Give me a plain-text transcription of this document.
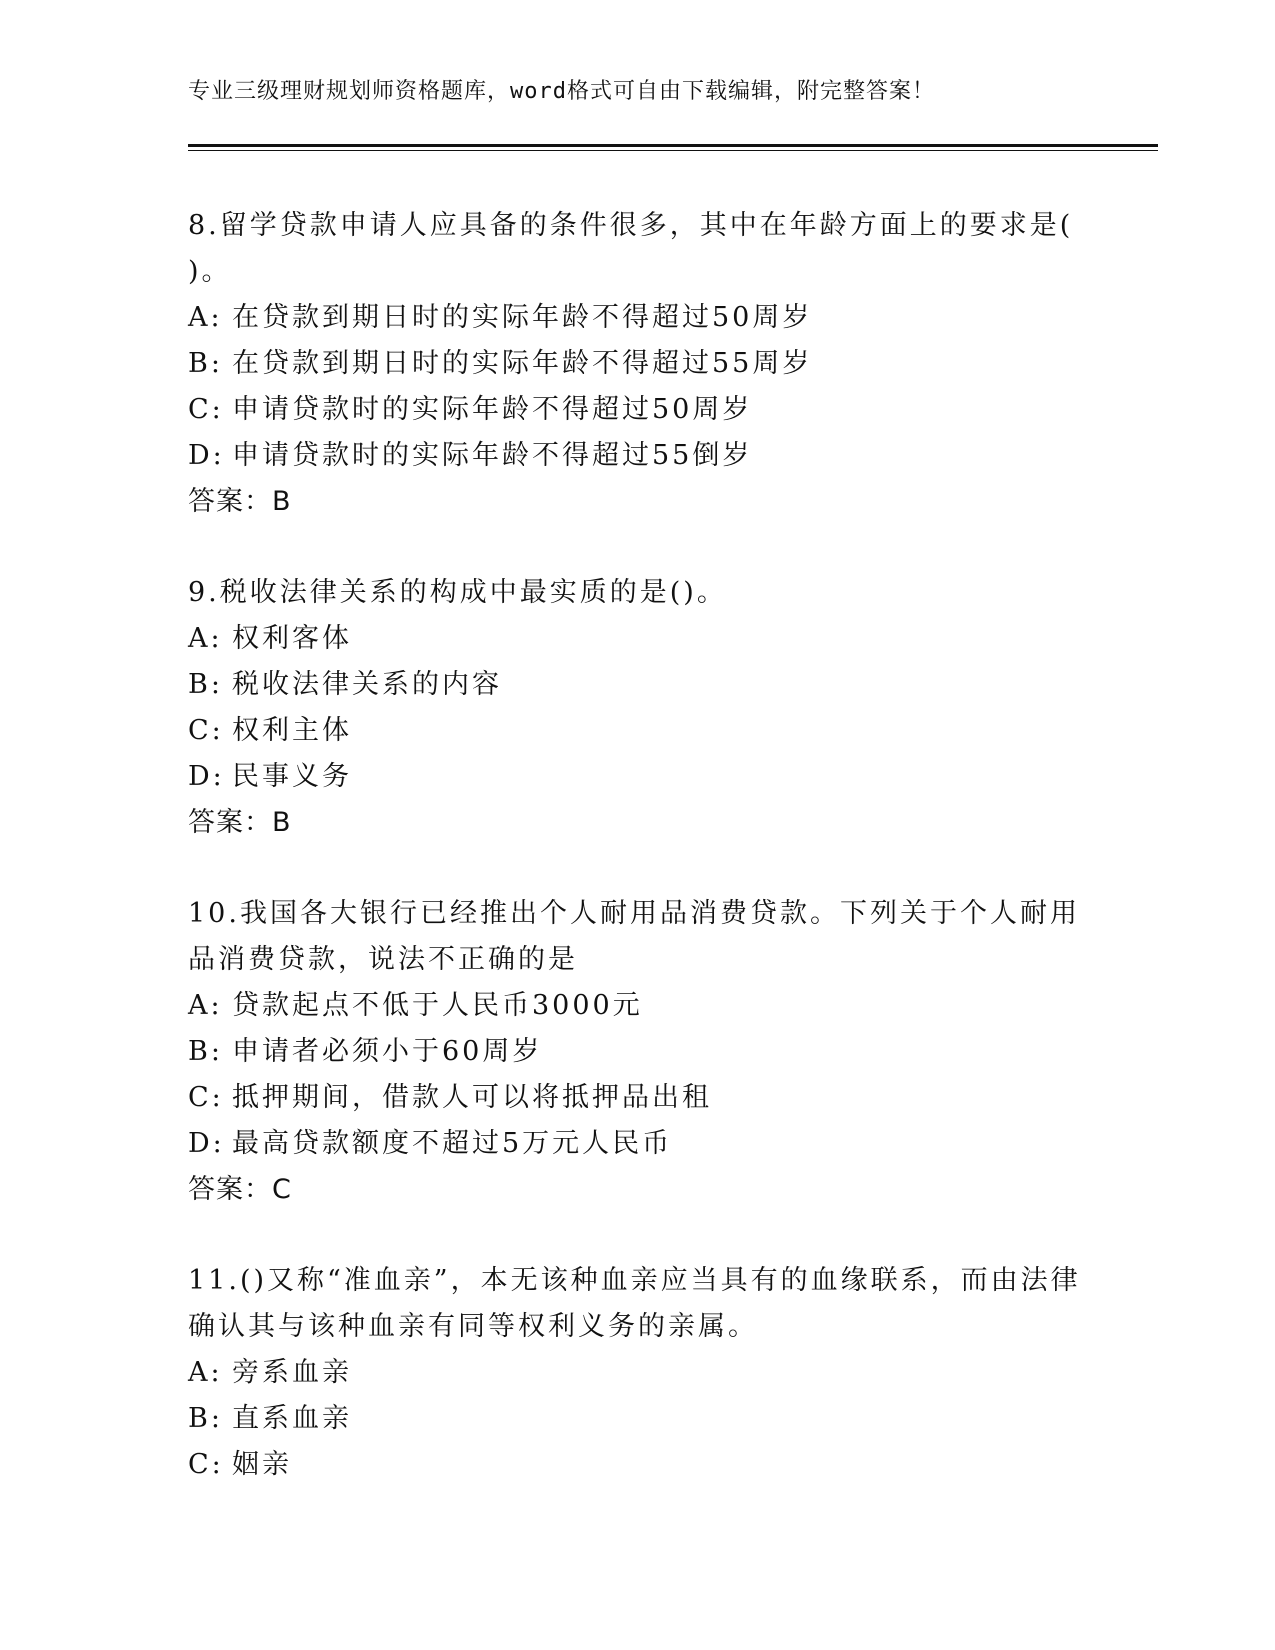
专业三级理财规划师资格题库，word格式可自由下载编辑，附完整答案！

8.留学贷款申请人应具备的条件很多，其中在年龄方面上的要求是( )。

A: 在贷款到期日时的实际年龄不得超过50周岁

B: 在贷款到期日时的实际年龄不得超过55周岁

C: 申请贷款时的实际年龄不得超过50周岁

D: 申请贷款时的实际年龄不得超过55倒岁

答案：B

9.税收法律关系的构成中最实质的是()。

A: 权利客体

B: 税收法律关系的内容

C: 权利主体

D: 民事义务

答案：B

10.我国各大银行已经推出个人耐用品消费贷款。下列关于个人耐用品消费贷款，说法不正确的是

A: 贷款起点不低于人民币3000元

B: 申请者必须小于60周岁

C: 抵押期间，借款人可以将抵押品出租

D: 最高贷款额度不超过5万元人民币

答案：C

11.()又称“准血亲”，本无该种血亲应当具有的血缘联系，而由法律确认其与该种血亲有同等权利义务的亲属。

A: 旁系血亲

B: 直系血亲

C: 姻亲
